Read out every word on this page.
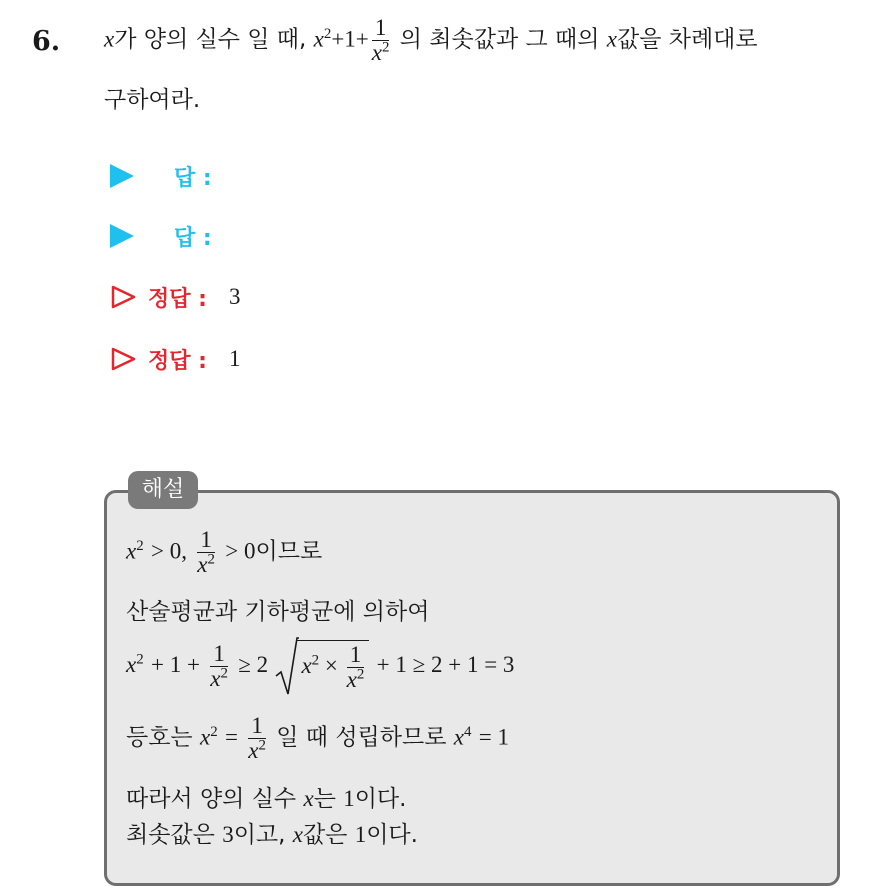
6. x가 양의 실수 일 때, $x^2+1+ \frac{1}{x^2}$ 의 최솟값과 그 때의 x값을 차례대로
구하여라.
답 :
답 :
정답 : 3
정답 : 1
해설
$x^2 > 0$, $\frac{1}{x^2} > 0$이므로
산술평균과 기하평균에 의하여
$x^2 + 1 + \frac{1}{x^2} \ge 2$ $x^2 \times \frac{1}{x^2} + 1 \ge 2 + 1 = 3$
등호는 $x^2 = \frac{1}{x^2}$ 일 때 성립하므로 $x^4 = 1$
따라서 양의 실수 x는 1이다.
최솟값은 3이고, x값은 1이다.
